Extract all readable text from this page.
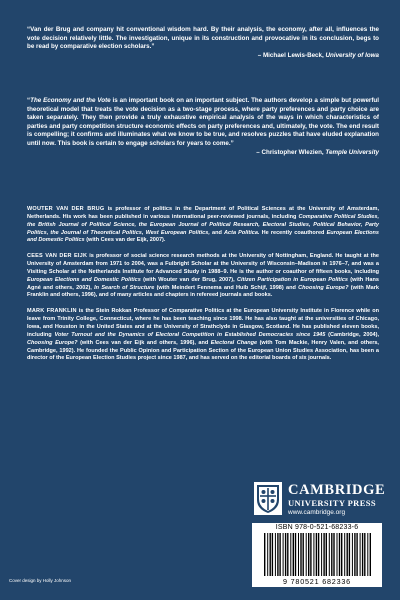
“Van der Brug and company hit conventional wisdom hard. By their analysis, the economy, after all, influences the vote decision relatively little. The investigation, unique in its construction and provocative in its conclusion, begs to be read by comparative election scholars.”

– Michael Lewis-Beck, University of Iowa

“The Economy and the Vote is an important book on an important subject. The authors develop a simple but powerful theoretical model that treats the vote decision as a two-stage process, where party preferences and party choice are taken separately. They then provide a truly exhaustive empirical analysis of the ways in which characteristics of parties and party competition structure economic effects on party preferences and, ultimately, the vote. The end result is compelling; it confirms and illuminates what we know to be true, and resolves puzzles that have eluded explanation until now. This book is certain to engage scholars for years to come.”

– Christopher Wlezien, Temple University

WOUTER VAN DER BRUG is professor of politics in the Department of Political Sciences at the University of Amsterdam, Netherlands. His work has been published in various international peer-reviewed journals, including Comparative Political Studies, the British Journal of Political Science, the European Journal of Political Research, Electoral Studies, Political Behavior, Party Politics, the Journal of Theoretical Politics, West European Politics, and Acta Politica. He recently coauthored European Elections and Domestic Politics (with Cees van der Eijk, 2007).

CEES VAN DER EIJK is professor of social science research methods at the University of Nottingham, England. He taught at the University of Amsterdam from 1971 to 2004, was a Fulbright Scholar at the University of Wisconsin–Madison in 1976–7, and was a Visiting Scholar at the Netherlands Institute for Advanced Study in 1988–9. He is the author or coauthor of fifteen books, including European Elections and Domestic Politics (with Wouter van der Brug, 2007), Citizen Participation in European Politics (with Hans Agné and others, 2002), In Search of Structure (with Meindert Fennema and Huib Schijf, 1998) and Choosing Europe? (with Mark Franklin and others, 1996), and of many articles and chapters in refereed journals and books.

MARK FRANKLIN is the Stein Rokkan Professor of Comparative Politics at the European University Institute in Florence while on leave from Trinity College, Connecticut, where he has been teaching since 1998. He has also taught at the universities of Chicago, Iowa, and Houston in the United States and at the University of Strathclyde in Glasgow, Scotland. He has published eleven books, including Voter Turnout and the Dynamics of Electoral Competition in Established Democracies since 1945 (Cambridge, 2004), Choosing Europe? (with Cees van der Eijk and others, 1996), and Electoral Change (with Tom Mackie, Henry Valen, and others, Cambridge, 1992). He founded the Public Opinion and Participation Section of the European Union Studies Association, has been a director of the European Election Studies project since 1987, and has served on the editorial boards of six journals.

CAMBRIDGE
UNIVERSITY PRESS
www.cambridge.org
ISBN 978-0-521-68233-6
9 780521 682336
Cover design by Holly Johnson
